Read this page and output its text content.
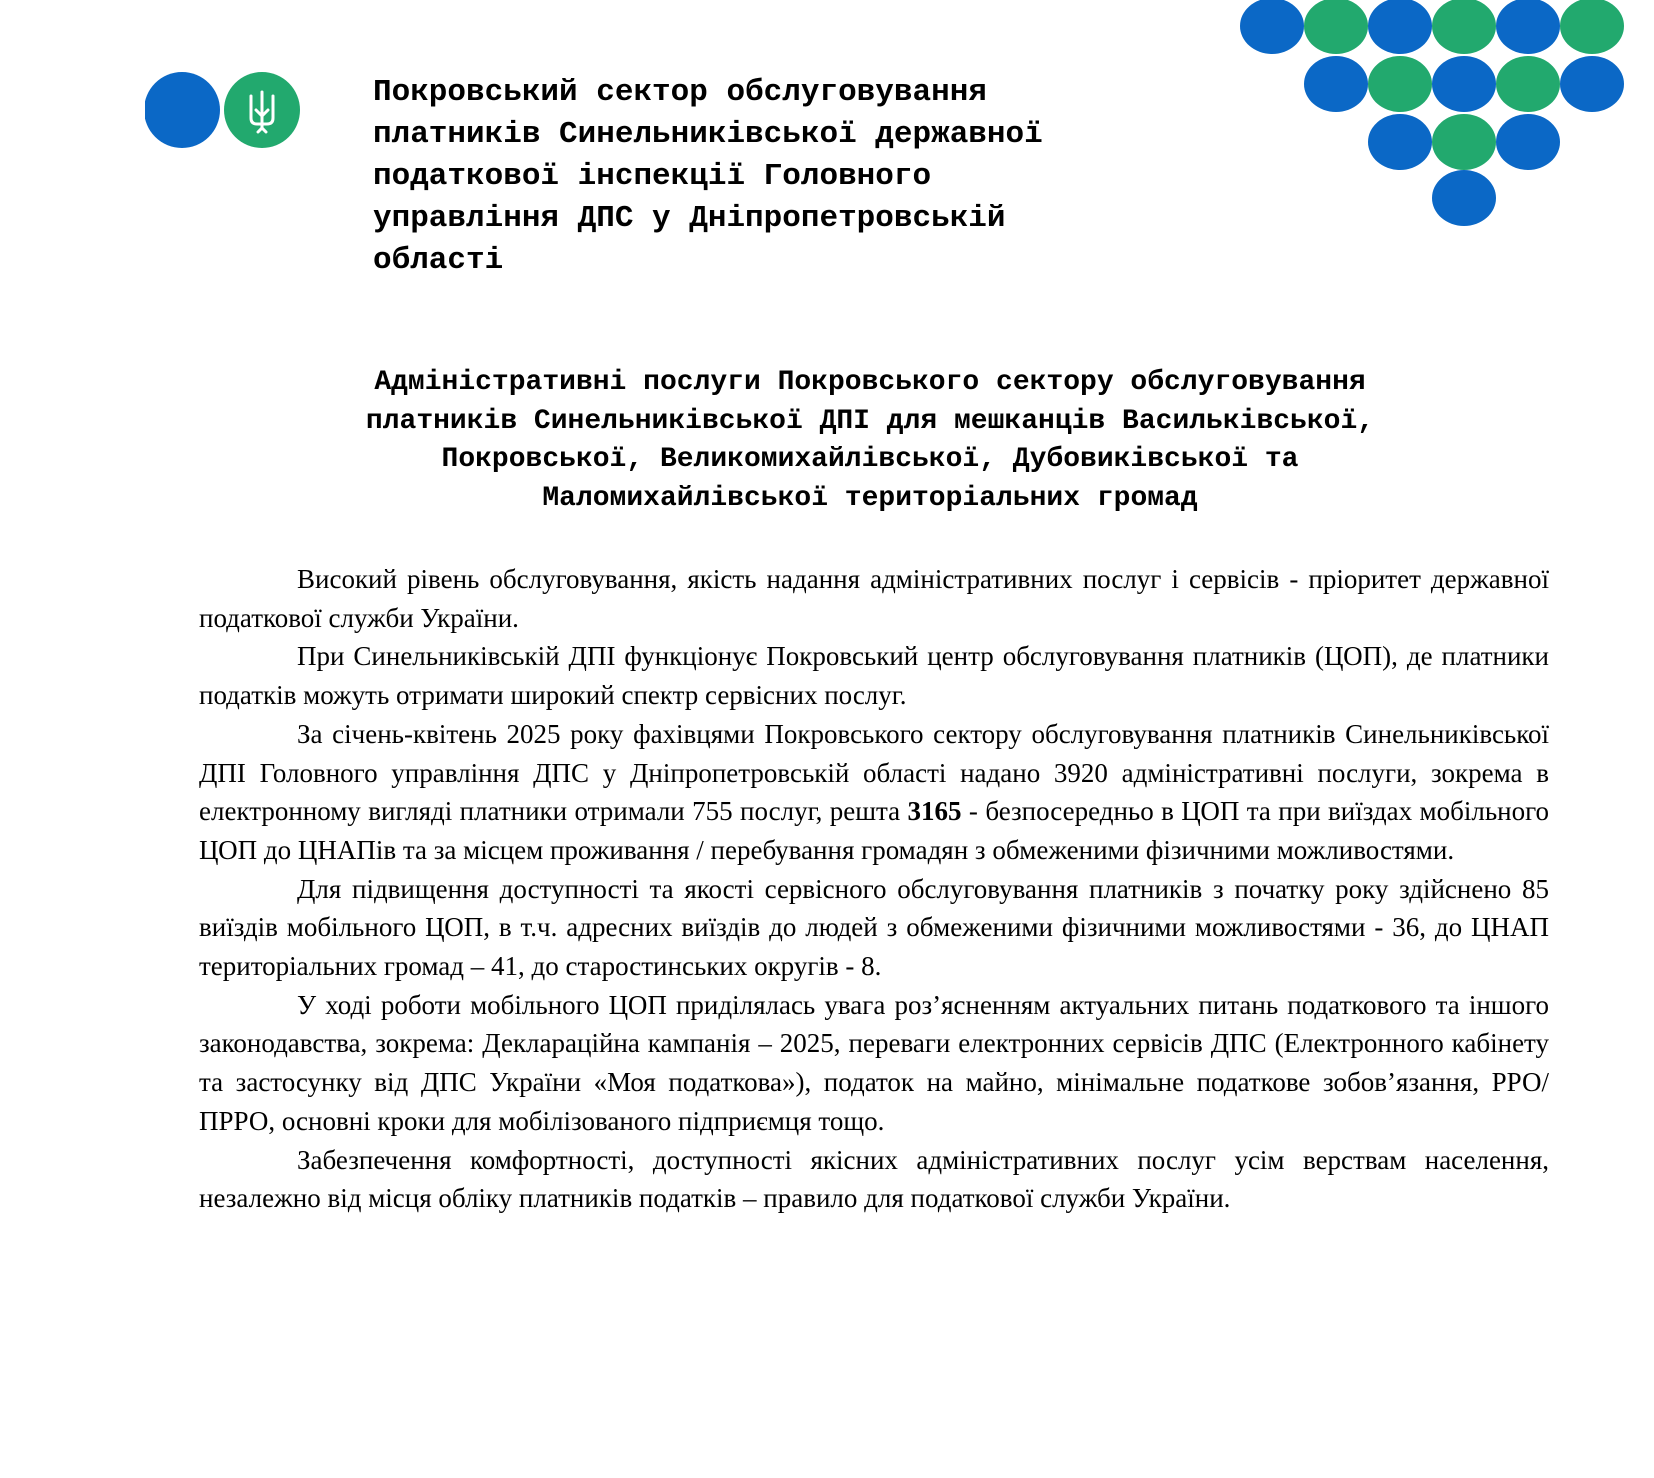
Покровський сектор обслуговування
платників Синельниківської державної
податкової інспекції Головного
управління ДПС у Дніпропетровській
області
Адміністративні послуги Покровського сектору обслуговування
платників Синельниківської ДПІ для мешканців Васильківської,
Покровської, Великомихайлівської, Дубовиківської та
Маломихайлівської територіальних громад

Високий рівень обслуговування, якість надання адміністративних послуг і сервісів - пріоритет державної податкової служби України.

При Синельниківській ДПІ функціонує Покровський центр обслуговування платників (ЦОП), де платники податків можуть отримати широкий спектр сервісних послуг.

За січень-квітень 2025 року фахівцями Покровського сектору обслуговування платників Синельниківської ДПІ Головного управління ДПС у Дніпропетровській області надано 3920 адміністративні послуги, зокрема в електронному вигляді платники отримали 755 послуг, решта 3165 - безпосередньо в ЦОП та при виїздах мобільного ЦОП до ЦНАПів та за місцем проживання / перебування громадян з обмеженими фізичними можливостями.

Для підвищення доступності та якості сервісного обслуговування платників з початку року здійснено 85 виїздів мобільного ЦОП, в т.ч. адресних виїздів до людей з обмеженими фізичними можливостями - 36, до ЦНАП територіальних громад – 41, до старостинських округів - 8.

У ході роботи мобільного ЦОП приділялась увага роз’ясненням актуальних питань податкового та іншого законодавства, зокрема: Деклараційна кампанія – 2025, переваги електронних сервісів ДПС (Електронного кабінету та застосунку від ДПС України «Моя податкова»), податок на майно, мінімальне податкове зобов’язання, РРО/ПРРО, основні кроки для мобілізованого підприємця тощо.

Забезпечення комфортності, доступності якісних адміністративних послуг усім верствам населення, незалежно від місця обліку платників податків – правило для податкової служби України.
